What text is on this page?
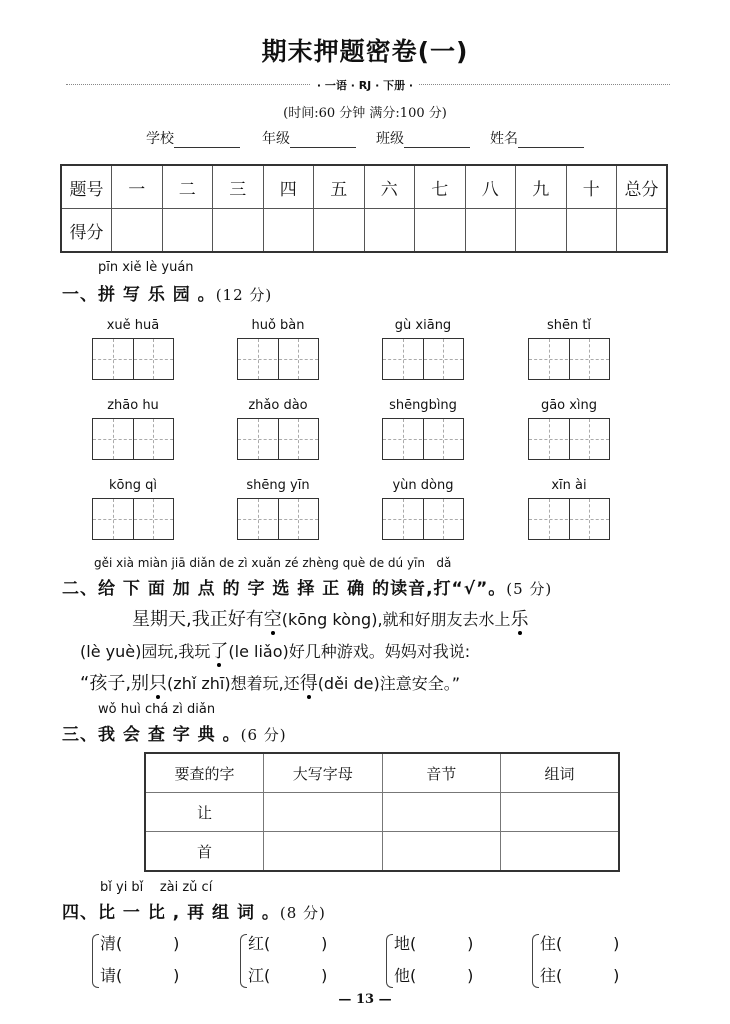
期末押题密卷(一)
· 一语 · RJ · 下册 ·
(时间:60 分钟 满分:100 分)
学校	年级	班级	姓名
题号	一	二	三	四	五	六	七	八	九	十	总分
得分											
pīn xiě lè yuán
一、拼 写 乐 园 。(12 分)
xuě huā	huǒ bàn	gù xiāng	shēn tǐ
zhāo hu	zhǎo dào	shēngbìng	gāo xìng
kōng qì	shēng yīn	yùn dòng	xīn ài
gěi xià miàn jiā diǎn de zì xuǎn zé zhèng què de dú yīn   dǎ
二、给 下 面 加 点 的 字 选 择 正 确 的读音,打“√”。(5 分)
星期天,我正好有空(kōng kòng),就和好朋友去水上乐
(lè yuè)园玩,我玩了(le liǎo)好几种游戏。妈妈对我说:
“孩子,别只(zhǐ zhī)想着玩,还得(děi de)注意安全。”
wǒ huì chá zì diǎn
三、我 会 查 字 典 。(6 分)
要查的字	大写字母	音节	组词
让			
首			
bǐ yi bǐ    zài zǔ cí
四、比 一 比 , 再 组 词 。(8 分)
清(          )
请(          )
红(          )
江(          )
地(          )
他(          )
住(          )
往(          )
— 13 —
